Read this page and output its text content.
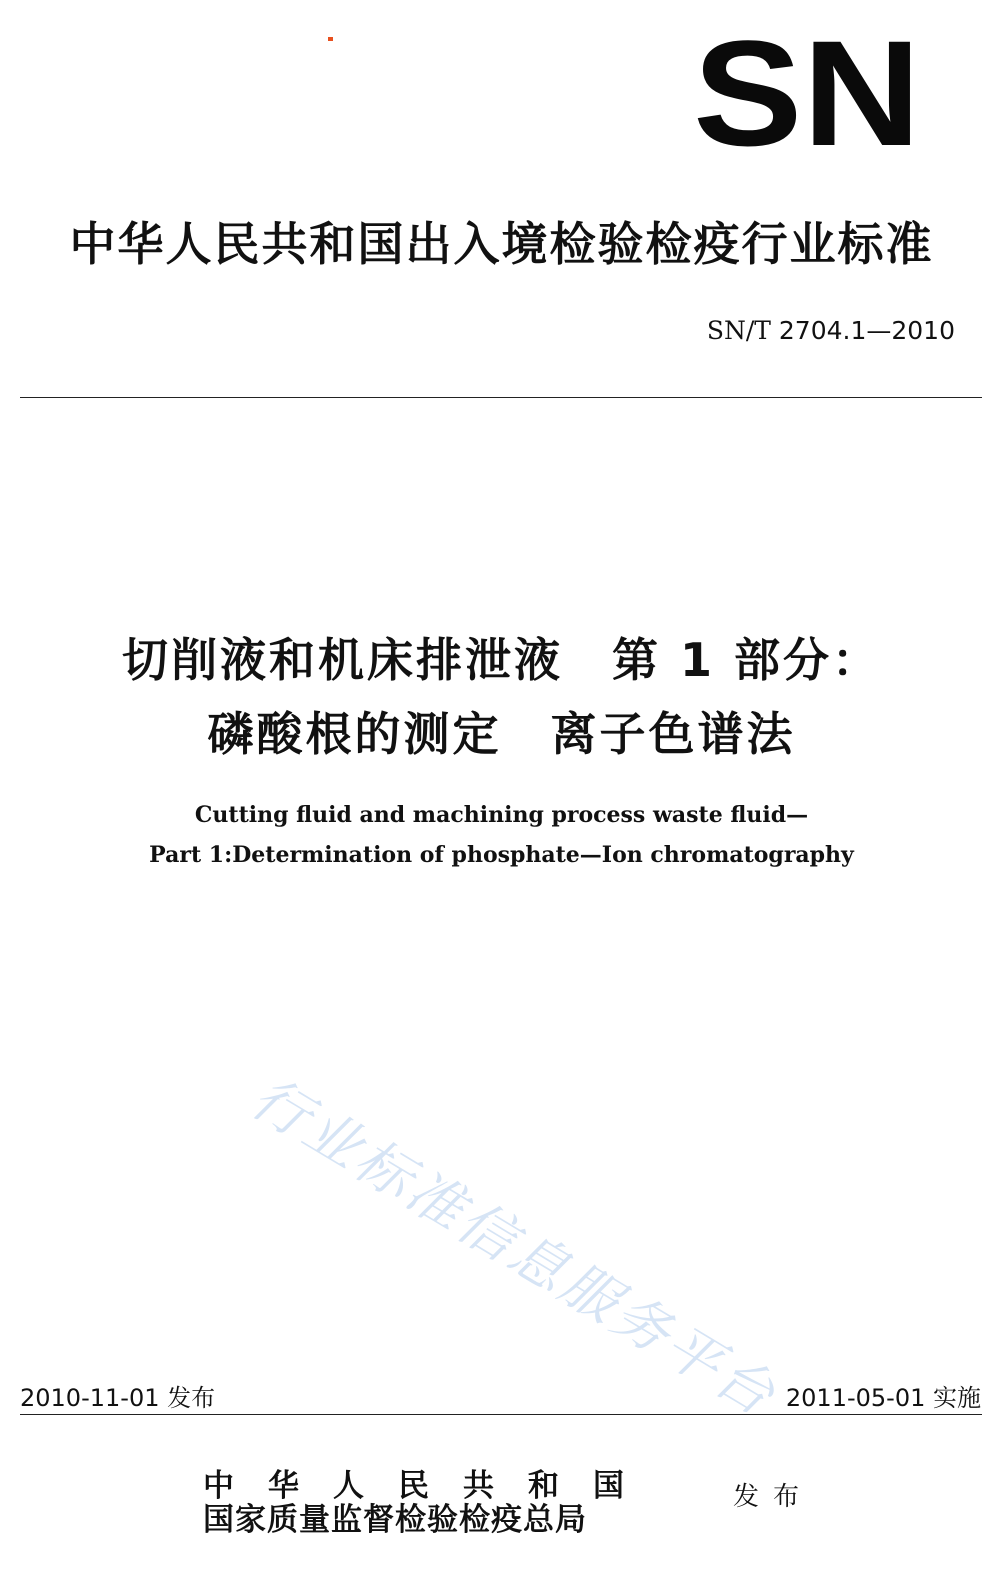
SN
中华人民共和国出入境检验检疫行业标准
SN/T 2704.1—2010
切削液和机床排泄液　第 1 部分：
磷酸根的测定　离子色谱法
Cutting fluid and machining process waste fluid—
Part 1:Determination of phosphate—Ion chromatography
行业标准信息服务平台
2010-11-01 发布	2011-05-01 实施
中华人民共和国
国家质量监督检验检疫总局
发布
